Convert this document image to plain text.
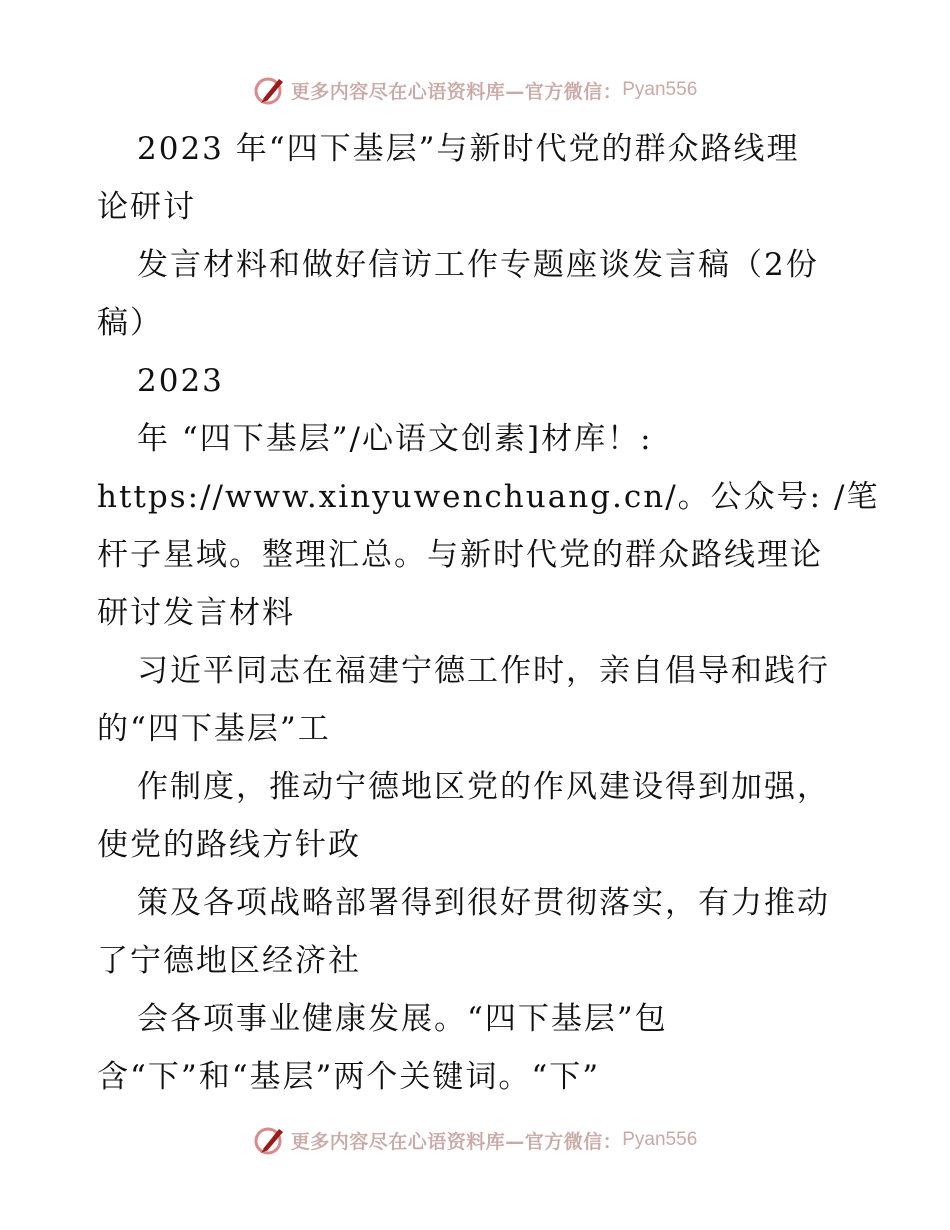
更多内容尽在心语资料库—官方微信： Pyan556

2023 年“四下基层”与新时代党的群众路线理

论研讨

发言材料和做好信访工作专题座谈发言稿（2份

稿）

2023

年 “四下基层”/心语文创素]材库！:

https://www.xinyuwenchuang.cn/。公众号: /笔

杆子星域。整理汇总。与新时代党的群众路线理论

研讨发言材料

习近平同志在福建宁德工作时，亲自倡导和践行

的“四下基层”工

作制度，推动宁德地区党的作风建设得到加强，

使党的路线方针政

策及各项战略部署得到很好贯彻落实，有力推动

了宁德地区经济社

会各项事业健康发展。“四下基层”包

含“下”和“基层”两个关键词。“下”

更多内容尽在心语资料库—官方微信： Pyan556
